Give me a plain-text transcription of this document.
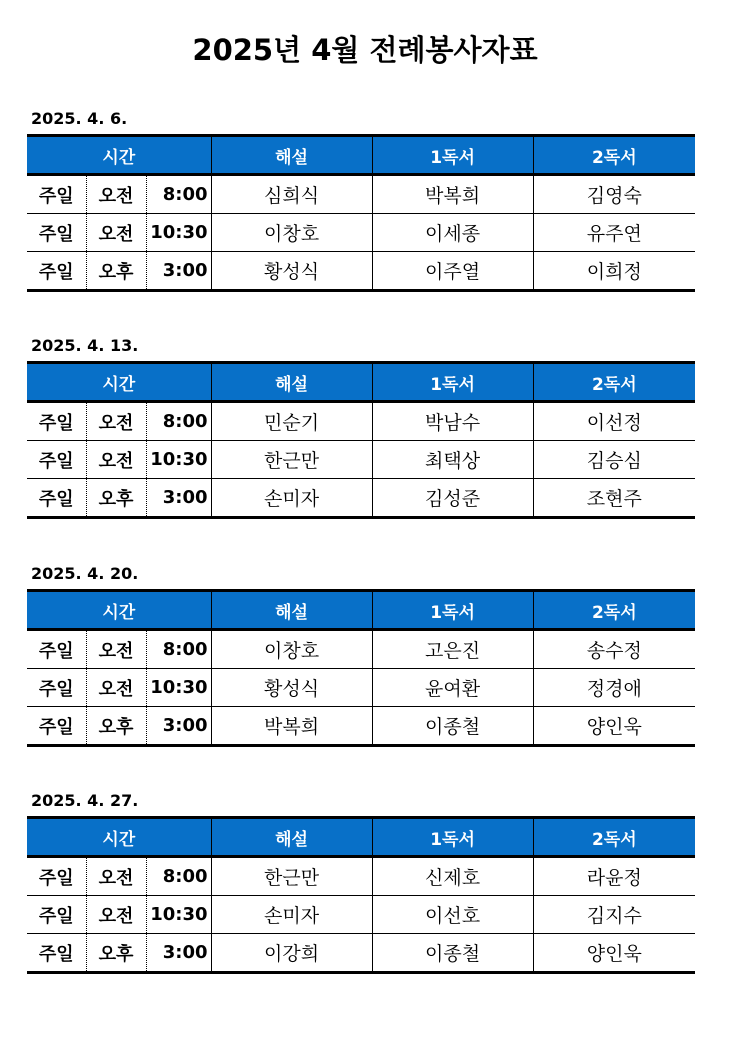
2025년 4월 전례봉사자표
2025. 4. 6.
시간			해설	1독서	2독서
주일	오전	8:00	심희식	박복희	김영숙
주일	오전	10:30	이창호	이세종	유주연
주일	오후	3:00	황성식	이주열	이희정
2025. 4. 13.
시간			해설	1독서	2독서
주일	오전	8:00	민순기	박남수	이선정
주일	오전	10:30	한근만	최택상	김승심
주일	오후	3:00	손미자	김성준	조현주
2025. 4. 20.
시간			해설	1독서	2독서
주일	오전	8:00	이창호	고은진	송수정
주일	오전	10:30	황성식	윤여환	정경애
주일	오후	3:00	박복희	이종철	양인욱
2025. 4. 27.
시간			해설	1독서	2독서
주일	오전	8:00	한근만	신제호	라윤정
주일	오전	10:30	손미자	이선호	김지수
주일	오후	3:00	이강희	이종철	양인욱
